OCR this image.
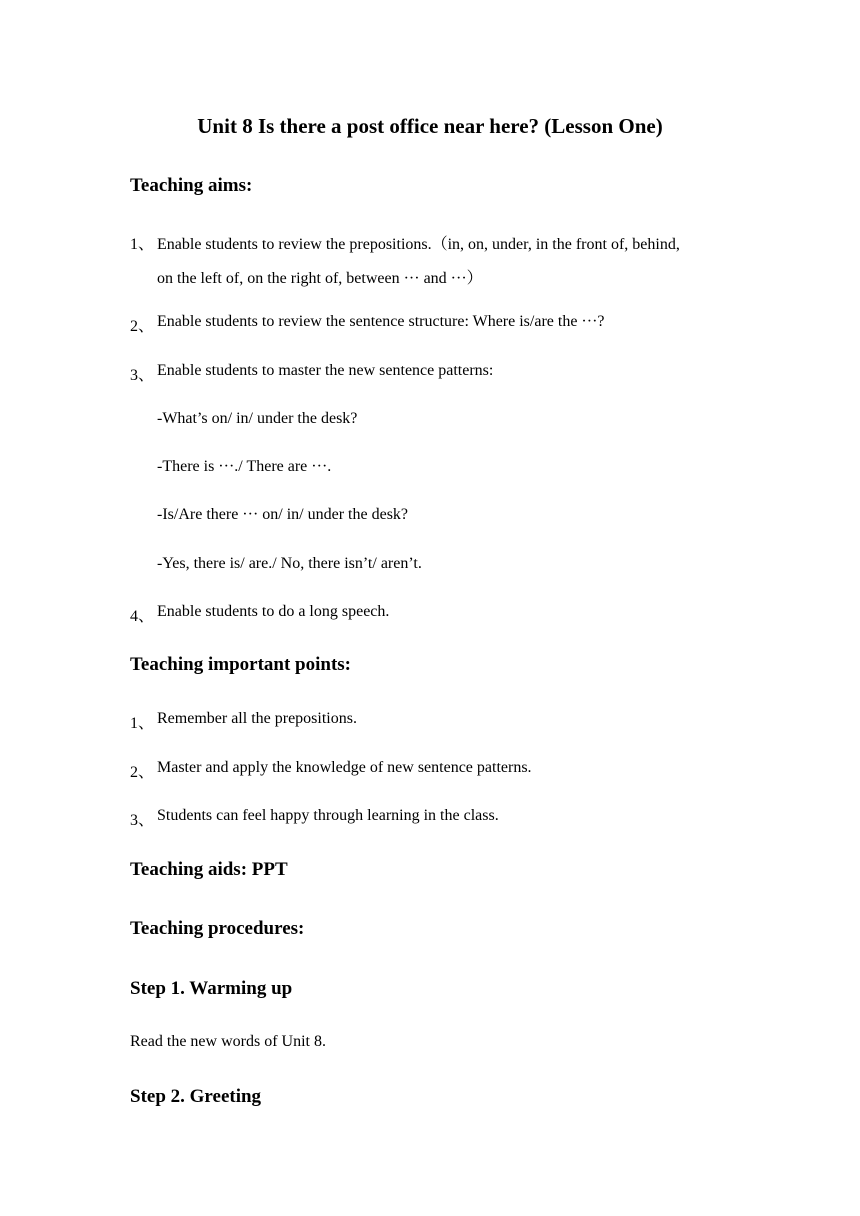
Unit 8 Is there a post office near here? (Lesson One)
Teaching aims:
1、 Enable students to review the prepositions.（in, on, under, in the front of, behind,
on the left of, on the right of, between ··· and ···）
2、 Enable students to review the sentence structure: Where is/are the ···?
3、 Enable students to master the new sentence patterns:
-What’s on/ in/ under the desk?
-There is ···./ There are ···.
-Is/Are there ··· on/ in/ under the desk?
-Yes, there is/ are./ No, there isn’t/ aren’t.
4、 Enable students to do a long speech.
Teaching important points:
1、 Remember all the prepositions.
2、 Master and apply the knowledge of new sentence patterns.
3、 Students can feel happy through learning in the class.
Teaching aids: PPT
Teaching procedures:
Step 1. Warming up
Read the new words of Unit 8.
Step 2. Greeting
